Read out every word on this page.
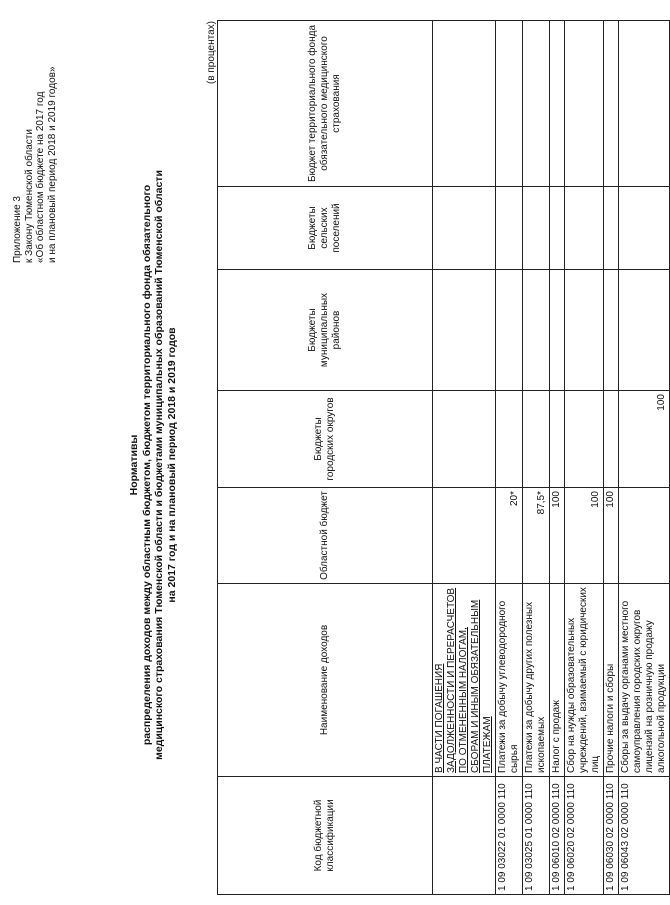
Приложение 3 к Закону Тюменской области «Об областном бюджете на 2017 год и на плановый период 2018 и 2019 годов»
Нормативы распределения доходов между областным бюджетом, бюджетом территориального фонда обязательного медицинского страхования Тюменской области и бюджетами муниципальных образований Тюменской области на 2017 год и на плановый период 2018 и 2019 годов
(в процентах)
Код бюджетной классификации	Наименование доходов	Областной бюджет	Бюджеты городских округов	Бюджеты муниципальных районов	Бюджеты сельских поселений	Бюджет территориального фонда обязательного медицинского страхования
	В ЧАСТИ ПОГАШЕНИЯ ЗАДОЛЖЕННОСТИ И ПЕРЕРАСЧЕТОВ ПО ОТМЕНЕННЫМ НАЛОГАМ, СБОРАМ И ИНЫМ ОБЯЗАТЕЛЬНЫМ ПЛАТЕЖАМ					
1 09 03022 01 0000 110	Платежи за добычу углеводородного сырья	20*				
1 09 03025 01 0000 110	Платежи за добычу других полезных ископаемых	87,5*				
1 09 06010 02 0000 110	Налог с продаж	100				
1 09 06020 02 0000 110	Сбор на нужды образовательных учреждений, взимаемый с юридических лиц	100				
1 09 06030 02 0000 110	Прочие налоги и сборы	100				
1 09 06043 02 0000 110	Сборы за выдачу органами местного самоуправления городских округов лицензий на розничную продажу алкогольной продукции		100			
